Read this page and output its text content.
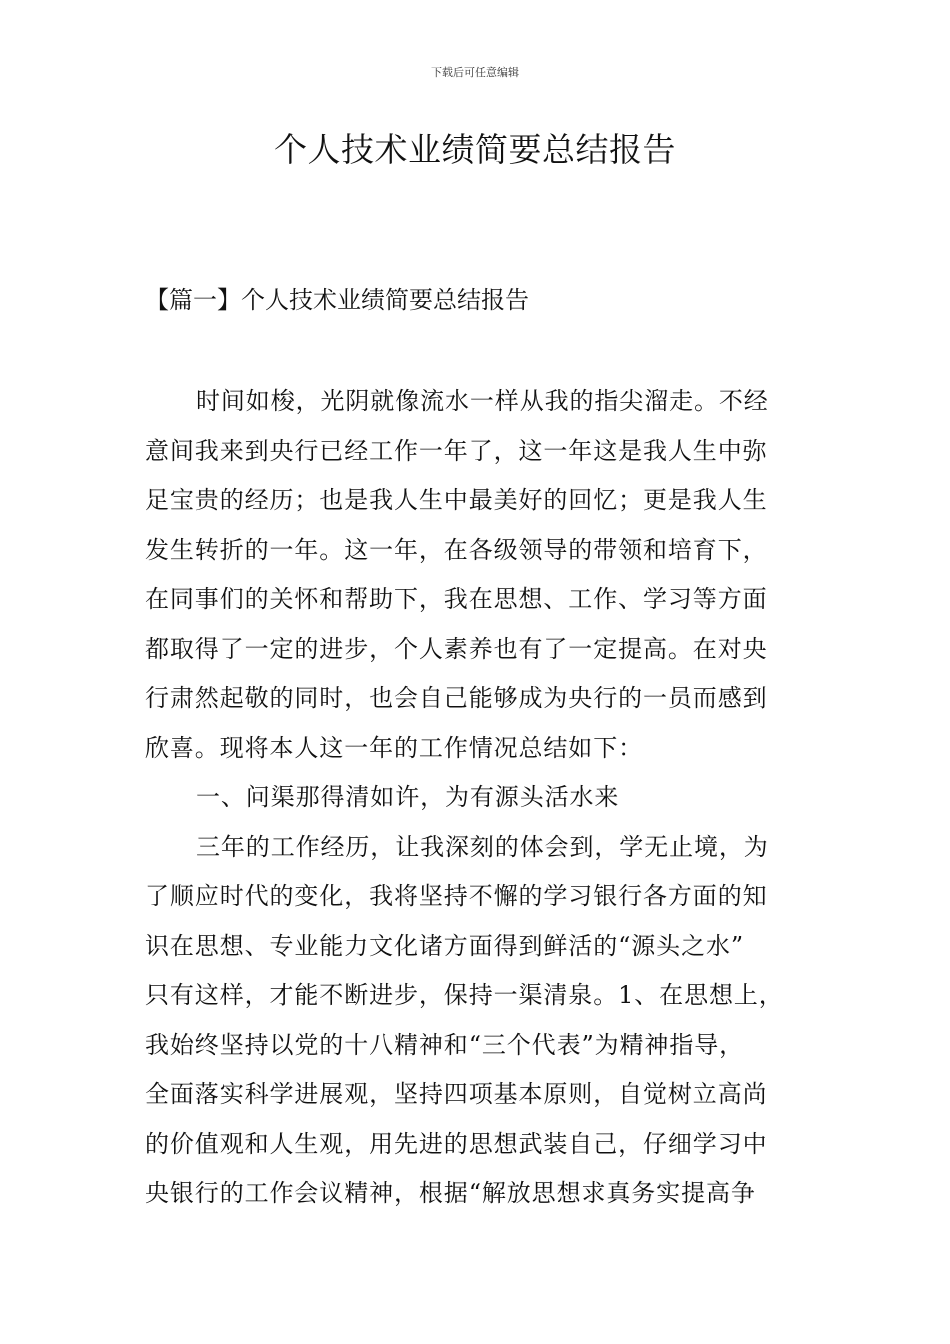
下载后可任意编辑
个人技术业绩简要总结报告
【篇一】个人技术业绩简要总结报告
时间如梭，光阴就像流水一样从我的指尖溜走。不经
意间我来到央行已经工作一年了，这一年这是我人生中弥
足宝贵的经历；也是我人生中最美好的回忆；更是我人生
发生转折的一年。这一年，在各级领导的带领和培育下，
在同事们的关怀和帮助下，我在思想、工作、学习等方面
都取得了一定的进步，个人素养也有了一定提高。在对央
行肃然起敬的同时，也会自己能够成为央行的一员而感到
欣喜。现将本人这一年的工作情况总结如下：
一、问渠那得清如许，为有源头活水来
三年的工作经历，让我深刻的体会到，学无止境，为
了顺应时代的变化，我将坚持不懈的学习银行各方面的知
识在思想、专业能力文化诸方面得到鲜活的“源头之水”
只有这样，才能不断进步，保持一渠清泉。1、在思想上，
我始终坚持以党的十八精神和“三个代表”为精神指导，
全面落实科学进展观，坚持四项基本原则，自觉树立高尚
的价值观和人生观，用先进的思想武装自己，仔细学习中
央银行的工作会议精神，根据“解放思想求真务实提高争
